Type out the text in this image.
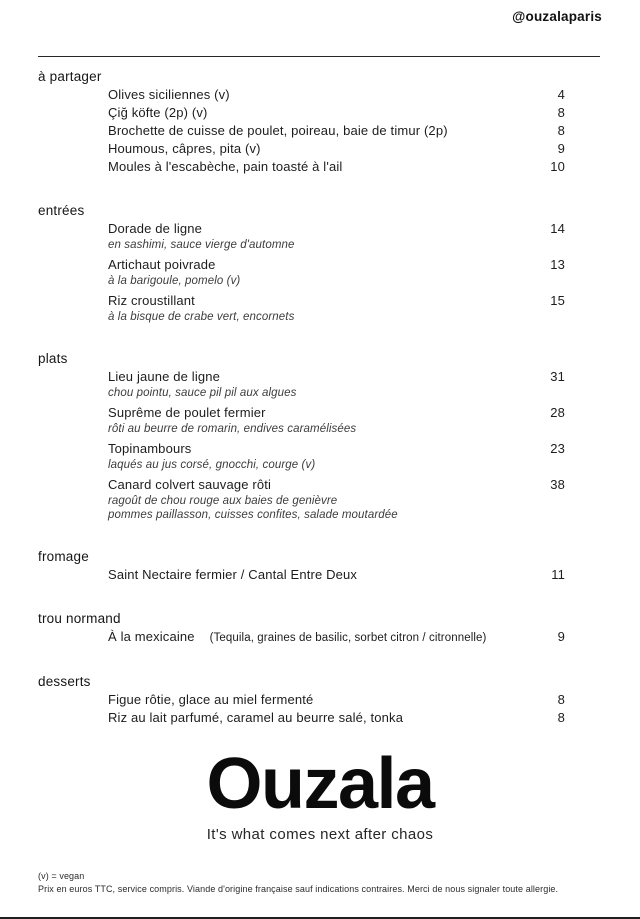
@ouzalaparis
à partager
Olives siciliennes (v)	4
Çiğ köfte (2p) (v)	8
Brochette de cuisse de poulet, poireau, baie de timur (2p)	8
Houmous, câpres, pita (v)	9
Moules à l'escabèche, pain toasté à l'ail	10
entrées
Dorade de ligne	14
en sashimi, sauce vierge d'automne
Artichaut poivrade	13
à la barigoule, pomelo (v)
Riz croustillant	15
à la bisque de crabe vert, encornets
plats
Lieu jaune de ligne	31
chou pointu, sauce pil pil aux algues
Suprême de poulet fermier	28
rôti au beurre de romarin, endives caramélisées
Topinambours	23
laqués au jus corsé, gnocchi, courge (v)
Canard colvert sauvage rôti	38
ragoût de chou rouge aux baies de genièvre
pommes paillasson, cuisses confites, salade moutardée
fromage
Saint Nectaire fermier / Cantal Entre Deux	11
trou normand
À la mexicaine (Tequila, graines de basilic, sorbet citron / citronnelle)	9
desserts
Figue rôtie, glace au miel fermenté	8
Riz au lait parfumé, caramel au beurre salé, tonka	8
Ouzala
It's what comes next after chaos
(v) = vegan
Prix en euros TTC, service compris. Viande d'origine française sauf indications contraires. Merci de nous signaler toute allergie.
